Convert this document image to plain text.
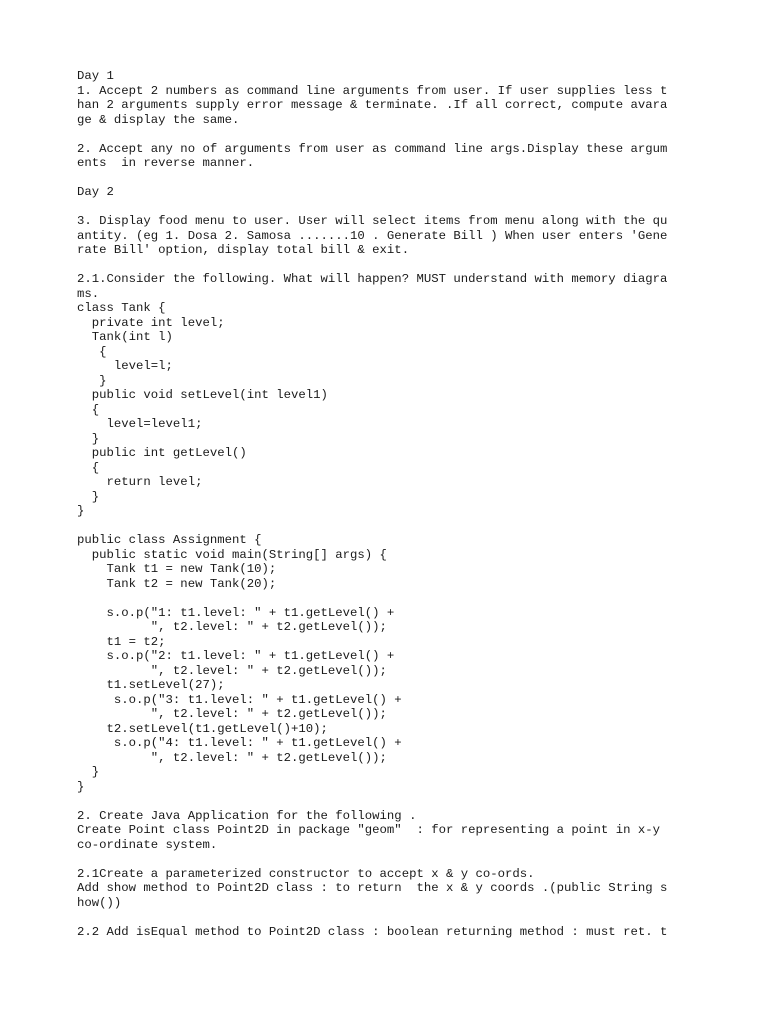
Day 1
1. Accept 2 numbers as command line arguments from user. If user supplies less t
han 2 arguments supply error message & terminate. .If all correct, compute avara
ge & display the same.
2. Accept any no of arguments from user as command line args.Display these argum
ents  in reverse manner.
Day 2
3. Display food menu to user. User will select items from menu along with the qu
antity. (eg 1. Dosa 2. Samosa .......10 . Generate Bill ) When user enters 'Gene
rate Bill' option, display total bill & exit.
2.1.Consider the following. What will happen? MUST understand with memory diagra
ms.
class Tank {
private int level;
Tank(int l)
{
level=l;
}
public void setLevel(int level1)
{
level=level1;
}
public int getLevel()
{
return level;
}
}
public class Assignment {
public static void main(String[] args) {
Tank t1 = new Tank(10);
Tank t2 = new Tank(20);
s.o.p("1: t1.level: " + t1.getLevel() +
", t2.level: " + t2.getLevel());
t1 = t2;
s.o.p("2: t1.level: " + t1.getLevel() +
", t2.level: " + t2.getLevel());
t1.setLevel(27);
s.o.p("3: t1.level: " + t1.getLevel() +
", t2.level: " + t2.getLevel());
t2.setLevel(t1.getLevel()+10);
s.o.p("4: t1.level: " + t1.getLevel() +
", t2.level: " + t2.getLevel());
}
}
2. Create Java Application for the following .
Create Point class Point2D in package "geom"  : for representing a point in x-y
co-ordinate system.
2.1Create a parameterized constructor to accept x & y co-ords.
Add show method to Point2D class : to return  the x & y coords .(public String s
how())
2.2 Add isEqual method to Point2D class : boolean returning method : must ret. t
